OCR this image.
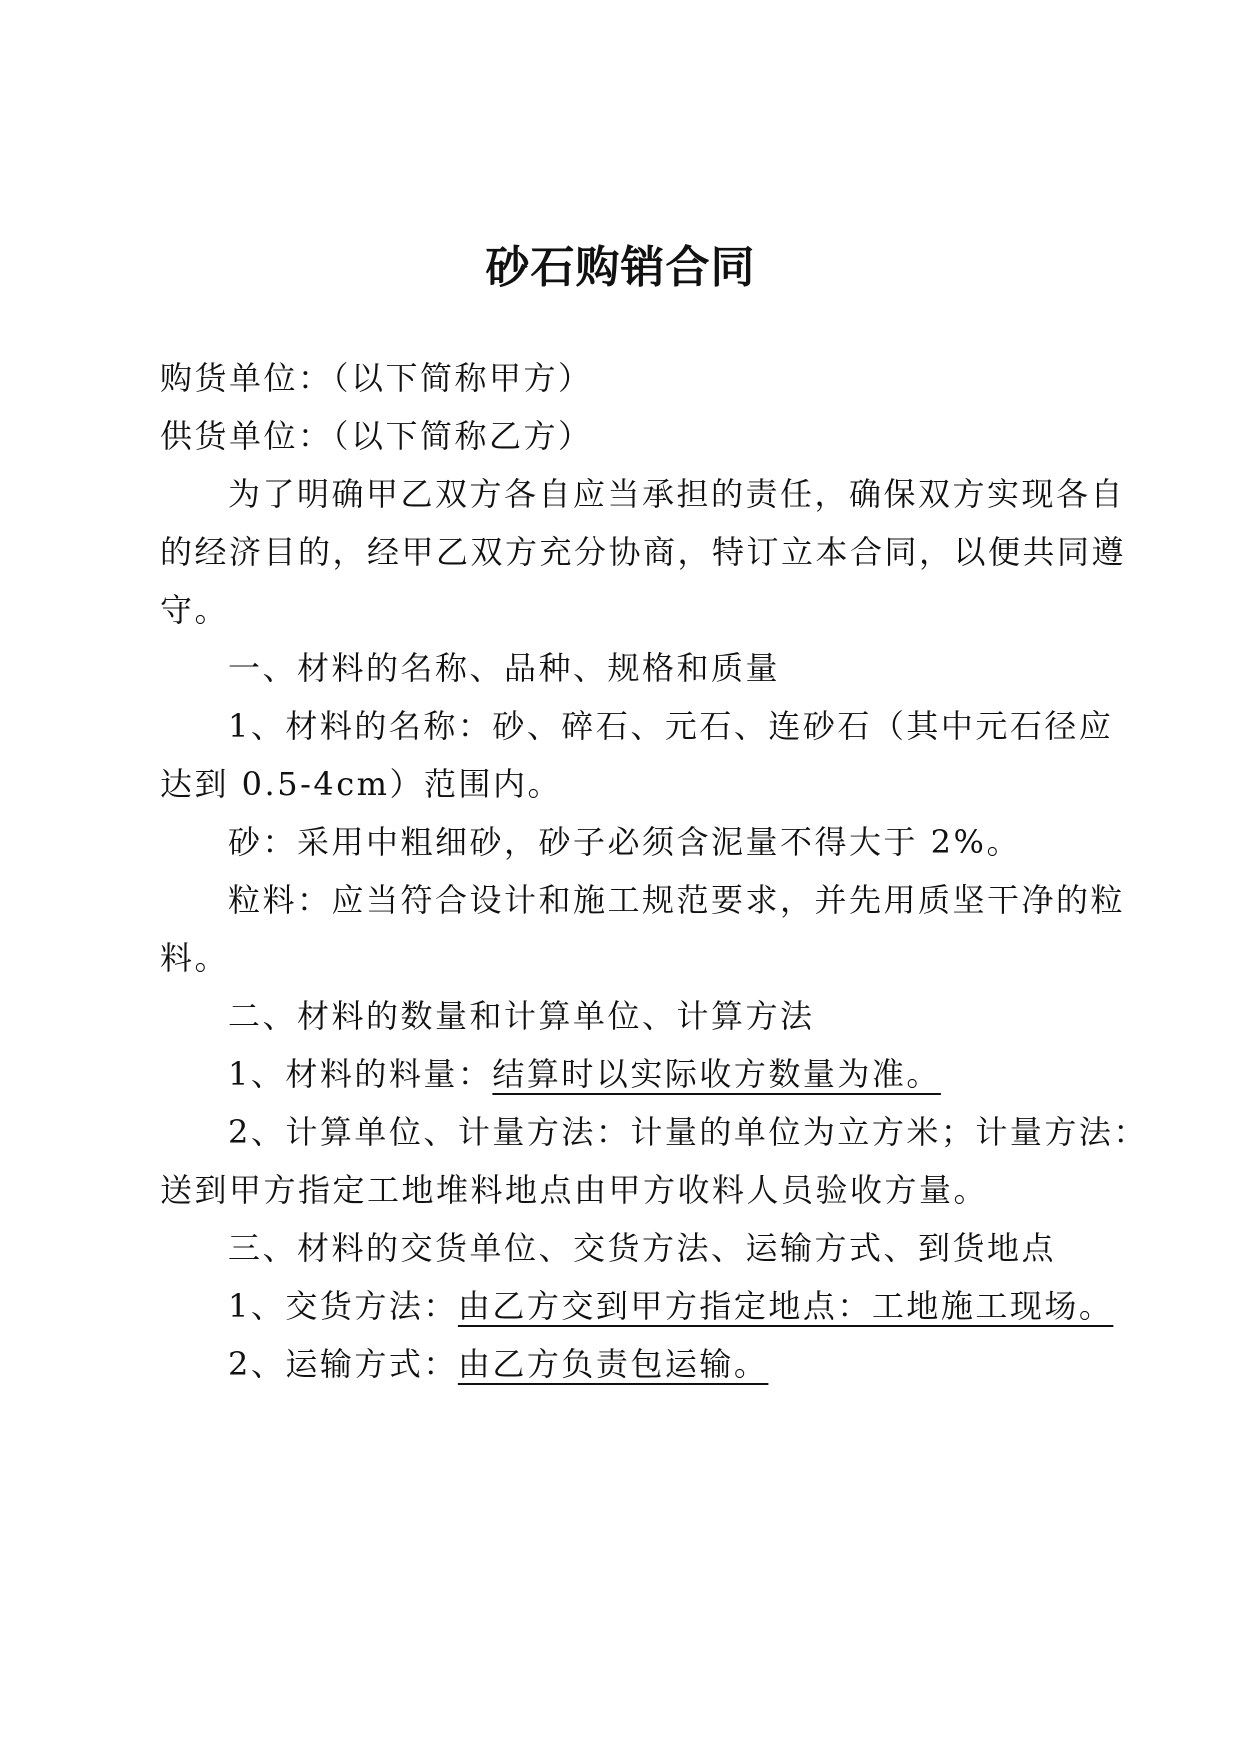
砂石购销合同
购货单位：（以下简称甲方）
供货单位：（以下简称乙方）
为了明确甲乙双方各自应当承担的责任，确保双方实现各自
的经济目的，经甲乙双方充分协商，特订立本合同，以便共同遵
守。
一、材料的名称、品种、规格和质量
1、材料的名称：砂、碎石、元石、连砂石（其中元石径应
达到 0.5-4cm）范围内。
砂：采用中粗细砂，砂子必须含泥量不得大于 2%。
粒料：应当符合设计和施工规范要求，并先用质坚干净的粒
料。
二、材料的数量和计算单位、计算方法
1、材料的料量：结算时以实际收方数量为准。
2、计算单位、计量方法：计量的单位为立方米；计量方法：
送到甲方指定工地堆料地点由甲方收料人员验收方量。
三、材料的交货单位、交货方法、运输方式、到货地点
1、交货方法：由乙方交到甲方指定地点：工地施工现场。
2、运输方式：由乙方负责包运输。
